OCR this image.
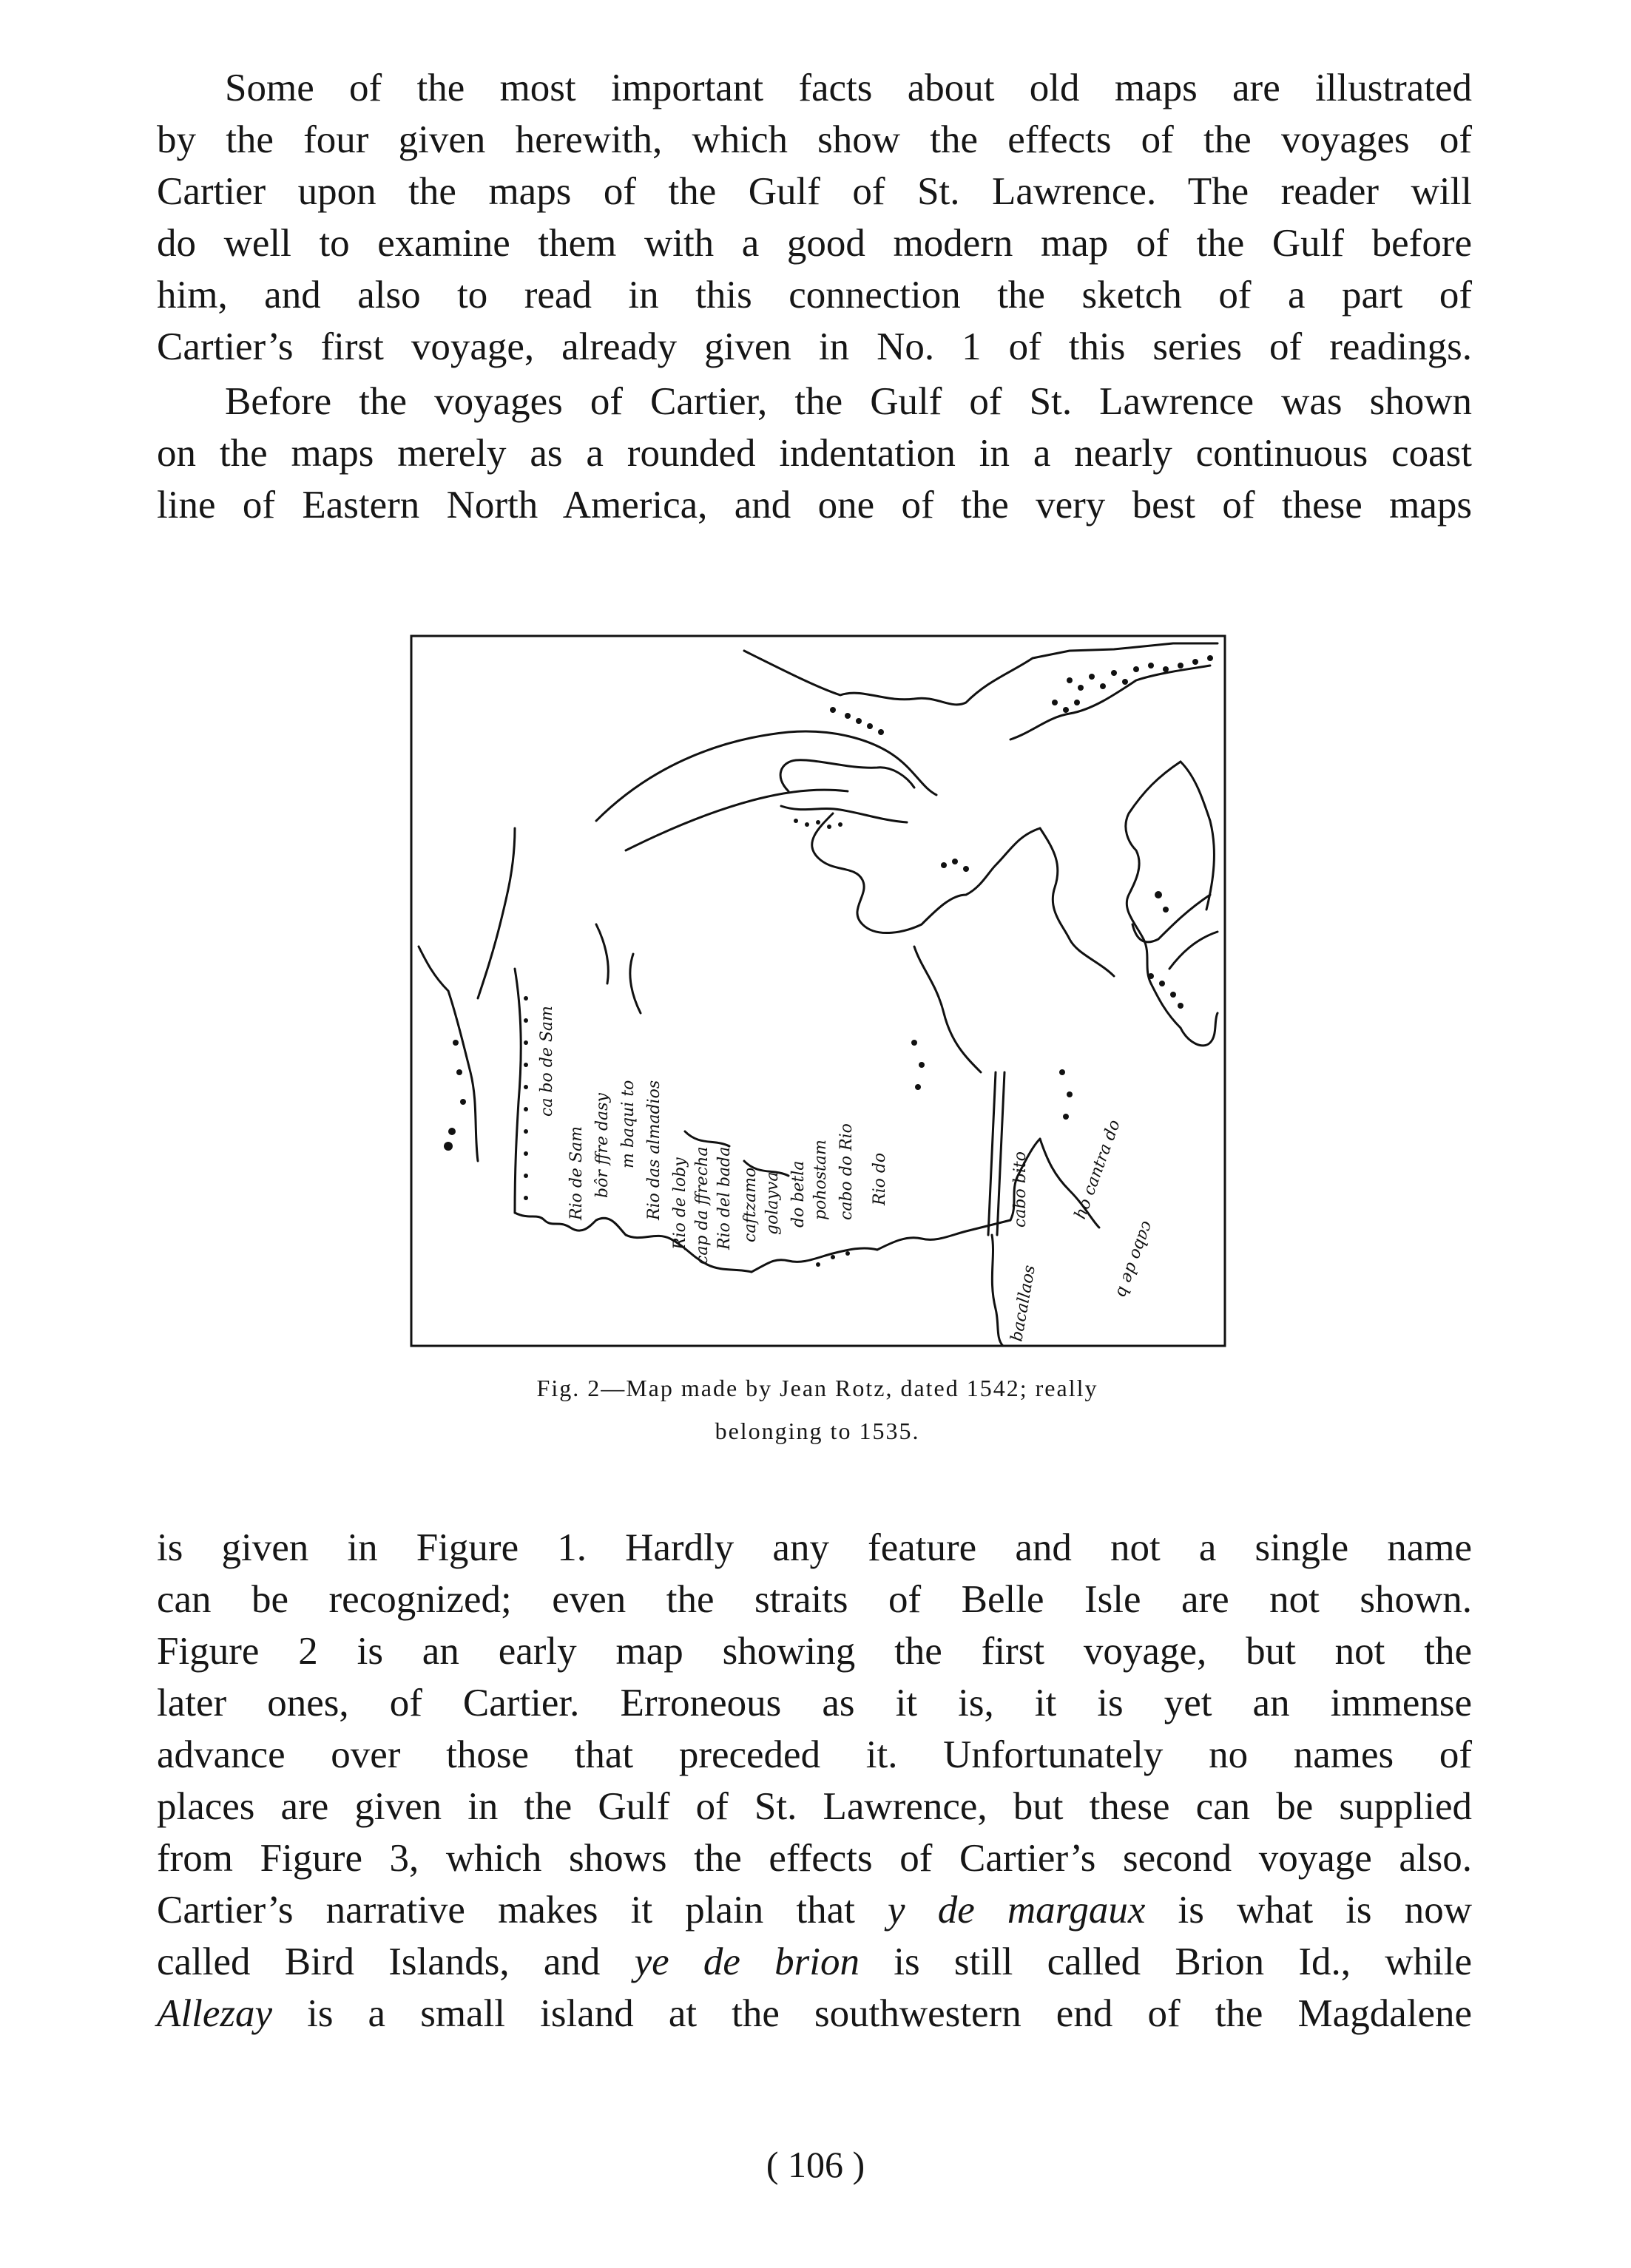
Some of the most important facts about old maps are illustrated
by the four given herewith, which show the effects of the voyages of
Cartier upon the maps of the Gulf of St. Lawrence. The reader will
do well to examine them with a good modern map of the Gulf before
him, and also to read in this connection the sketch of a part of
Cartier’s first voyage, already given in No. 1 of this series of readings.
Before the voyages of Cartier, the Gulf of St. Lawrence was shown
on the maps merely as a rounded indentation in a nearly continuous coast
line of Eastern North America, and one of the very best of these maps
ca bo de Sam
Rio de Sam bôr ffre dasy m baqui to Rio das almadios Rio de loby cap da ffrecha Rio del bada caftzamo golayva do betla pohostam cabo do Rio Rio do	cabo bito	ho cantra do
cabo de b
bacallaos
Fig. 2—Map made by Jean Rotz, dated 1542; really
belonging to 1535.
is given in Figure 1. Hardly any feature and not a single name
can be recognized; even the straits of Belle Isle are not shown.
Figure 2 is an early map showing the first voyage, but not the
later ones, of Cartier. Erroneous as it is, it is yet an immense
advance over those that preceded it. Unfortunately no names of
places are given in the Gulf of St. Lawrence, but these can be supplied
from Figure 3, which shows the effects of Cartier’s second voyage also.
Cartier’s narrative makes it plain that y de margaux is what is now
called Bird Islands, and ye de brion is still called Brion Id., while
Allezay is a small island at the southwestern end of the Magdalene
( 106 )
